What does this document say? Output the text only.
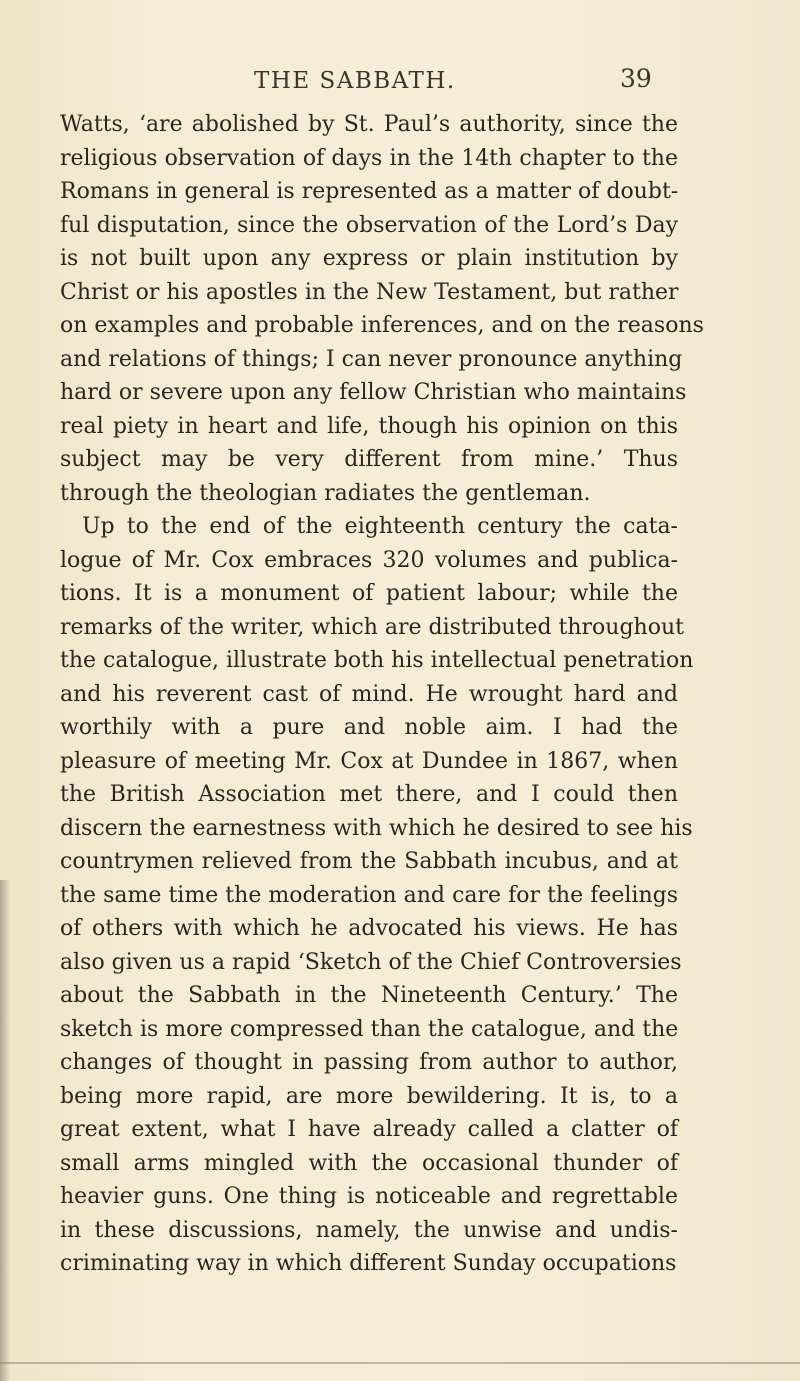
THE SABBATH.	39
Watts, ‘are abolished by St. Paul’s authority, since the
religious observation of days in the 14th chapter to the
Romans in general is represented as a matter of doubt-
ful disputation, since the observation of the Lord’s Day
is not built upon any express or plain institution by
Christ or his apostles in the New Testament, but rather
on examples and probable inferences, and on the reasons
and relations of things; I can never pronounce anything
hard or severe upon any fellow Christian who maintains
real piety in heart and life, though his opinion on this
subject may be very different from mine.’ Thus
through the theologian radiates the gentleman.
Up to the end of the eighteenth century the cata-
logue of Mr. Cox embraces 320 volumes and publica-
tions. It is a monument of patient labour; while the
remarks of the writer, which are distributed throughout
the catalogue, illustrate both his intellectual penetration
and his reverent cast of mind. He wrought hard and
worthily with a pure and noble aim. I had the
pleasure of meeting Mr. Cox at Dundee in 1867, when
the British Association met there, and I could then
discern the earnestness with which he desired to see his
countrymen relieved from the Sabbath incubus, and at
the same time the moderation and care for the feelings
of others with which he advocated his views. He has
also given us a rapid ‘Sketch of the Chief Controversies
about the Sabbath in the Nineteenth Century.’ The
sketch is more compressed than the catalogue, and the
changes of thought in passing from author to author,
being more rapid, are more bewildering. It is, to a
great extent, what I have already called a clatter of
small arms mingled with the occasional thunder of
heavier guns. One thing is noticeable and regrettable
in these discussions, namely, the unwise and undis-
criminating way in which different Sunday occupations
